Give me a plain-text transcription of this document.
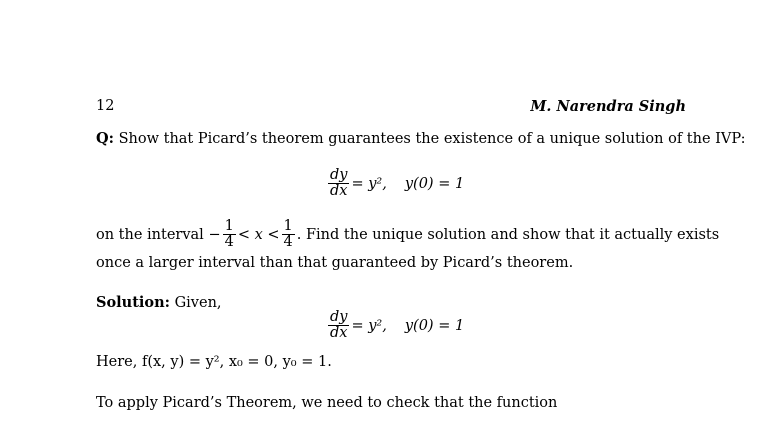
12	M. Narendra Singh
Q: Show that Picard’s theorem guarantees the existence of a unique solution of the IVP:
$\frac{dy}{dx} = y^2$, y(0) = 1
on the interval
− $\frac{1}{4} < x < \frac{1}{4}$ . Find the unique solution and show that it actually exists
once a larger interval than that guaranteed by Picard’s theorem.
Solution: Given,
$\frac{dy}{dx} = y^2$, y(0) = 1
Here, f(x, y) = y², x₀ = 0, y₀ = 1.
To apply Picard’s Theorem, we need to check that the function
